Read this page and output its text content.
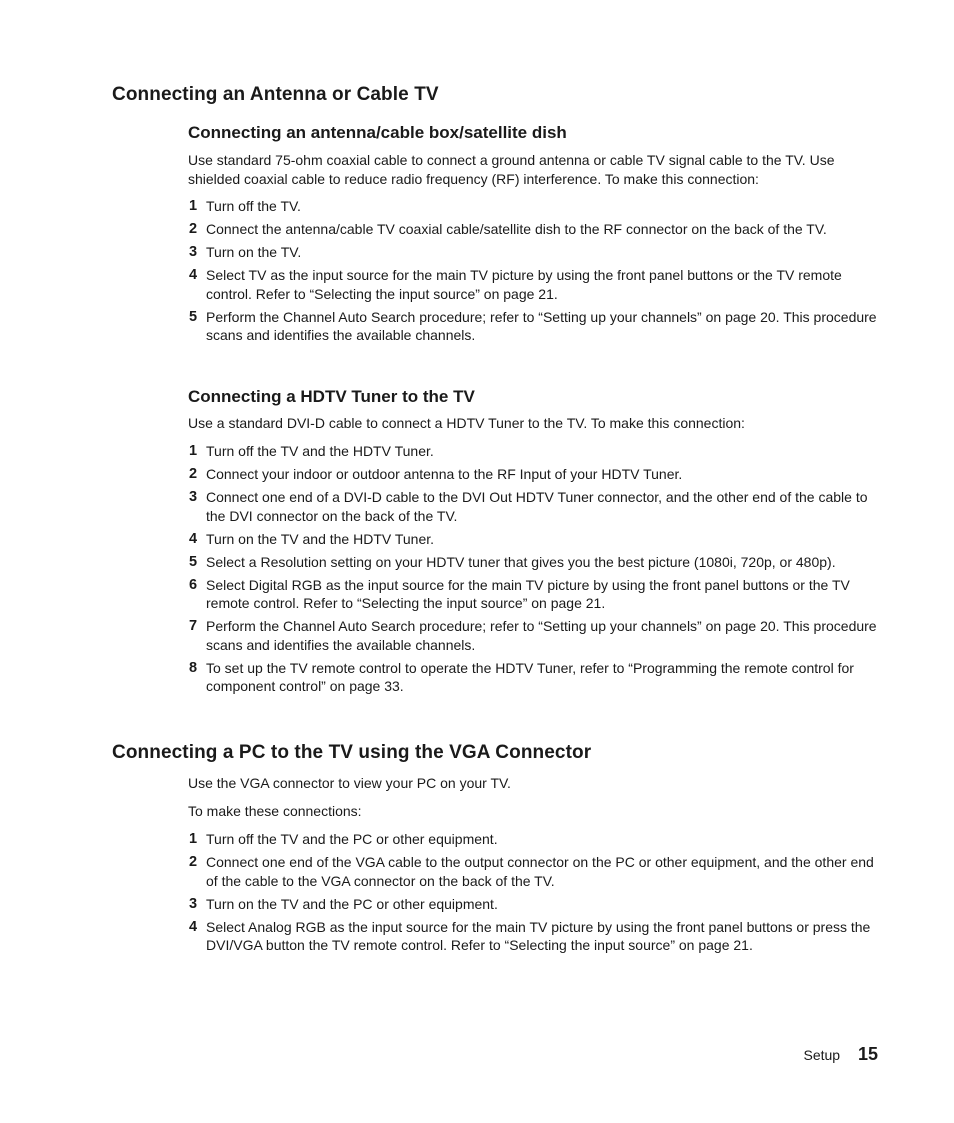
Connecting an Antenna or Cable TV
Connecting an antenna/cable box/satellite dish

Use standard 75-ohm coaxial cable to connect a ground antenna or cable TV signal cable to the TV. Use shielded coaxial cable to reduce radio frequency (RF) interference. To make this connection:

1 Turn off the TV.
2 Connect the antenna/cable TV coaxial cable/satellite dish to the RF connector on the back of the TV.
3 Turn on the TV.
4 Select TV as the input source for the main TV picture by using the front panel buttons or the TV remote control. Refer to “Selecting the input source” on page 21.
5 Perform the Channel Auto Search procedure; refer to “Setting up your channels” on page 20. This procedure scans and identifies the available channels.
Connecting a HDTV Tuner to the TV

Use a standard DVI-D cable to connect a HDTV Tuner to the TV. To make this connection:

1 Turn off the TV and the HDTV Tuner.
2 Connect your indoor or outdoor antenna to the RF Input of your HDTV Tuner.
3 Connect one end of a DVI-D cable to the DVI Out HDTV Tuner connector, and the other end of the cable to the DVI connector on the back of the TV.
4 Turn on the TV and the HDTV Tuner.
5 Select a Resolution setting on your HDTV tuner that gives you the best picture (1080i, 720p, or 480p).
6 Select Digital RGB as the input source for the main TV picture by using the front panel buttons or the TV remote control. Refer to “Selecting the input source” on page 21.
7 Perform the Channel Auto Search procedure; refer to “Setting up your channels” on page 20. This procedure scans and identifies the available channels.
8 To set up the TV remote control to operate the HDTV Tuner, refer to “Programming the remote control for component control” on page 33.
Connecting a PC to the TV using the VGA Connector

Use the VGA connector to view your PC on your TV.

To make these connections:

1 Turn off the TV and the PC or other equipment.
2 Connect one end of the VGA cable to the output connector on the PC or other equipment, and the other end of the cable to the VGA connector on the back of the TV.
3 Turn on the TV and the PC or other equipment.
4 Select Analog RGB as the input source for the main TV picture by using the front panel buttons or press the DVI/VGA button the TV remote control. Refer to “Selecting the input source” on page 21.
Setup 15
